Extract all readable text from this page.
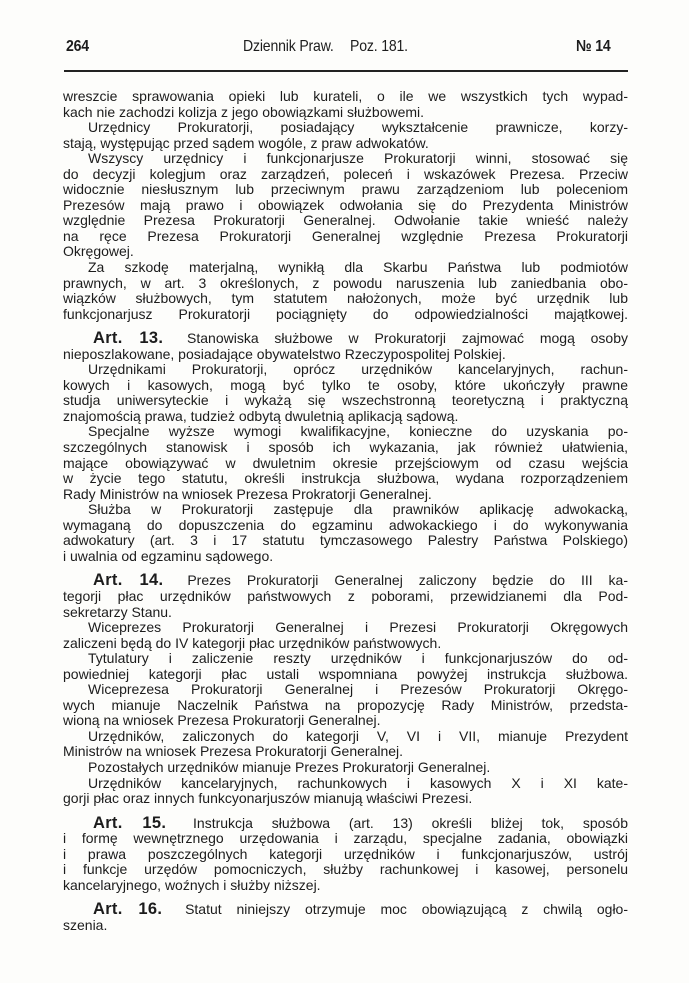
264	Dziennik Praw. Poz. 181.	№ 14
wreszcie sprawowania opieki lub kurateli, o ile we wszystkich tych wypad-
kach nie zachodzi kolizja z jego obowiązkami służbowemi.
Urzędnicy Prokuratorji, posiadający wykształcenie prawnicze, korzy-
stają, występując przed sądem wogóle, z praw adwokatów.
Wszyscy urzędnicy i funkcjonarjusze Prokuratorji winni, stosować się
do decyzji kolegjum oraz zarządzeń, poleceń i wskazówek Prezesa. Przeciw
widocznie niesłusznym lub przeciwnym prawu zarządzeniom lub poleceniom
Prezesów mają prawo i obowiązek odwołania się do Prezydenta Ministrów
względnie Prezesa Prokuratorji Generalnej. Odwołanie takie wnieść należy
na ręce Prezesa Prokuratorji Generalnej względnie Prezesa Prokuratorji
Okręgowej.
Za szkodę materjalną, wynikłą dla Skarbu Państwa lub podmiotów
prawnych, w art. 3 określonych, z powodu naruszenia lub zaniedbania obo-
wiązków służbowych, tym statutem nałożonych, może być urzędnik lub
funkcjonarjusz Prokuratorji pociągnięty do odpowiedzialności majątkowej.
Art. 13. Stanowiska służbowe w Prokuratorji zajmować mogą osoby
nieposzlakowane, posiadające obywatelstwo Rzeczypospolitej Polskiej.
Urzędnikami Prokuratorji, oprócz urzędników kancelaryjnych, rachun-
kowych i kasowych, mogą być tylko te osoby, które ukończyły prawne
studja uniwersyteckie i wykażą się wszechstronną teoretyczną i praktyczną
znajomością prawa, tudzież odbytą dwuletnią aplikacją sądową.
Specjalne wyższe wymogi kwalifikacyjne, konieczne do uzyskania po-
szczególnych stanowisk i sposób ich wykazania, jak również ułatwienia,
mające obowiązywać w dwuletnim okresie przejściowym od czasu wejścia
w życie tego statutu, określi instrukcja służbowa, wydana rozporządzeniem
Rady Ministrów na wniosek Prezesa Prokratorji Generalnej.
Służba w Prokuratorji zastępuje dla prawników aplikację adwokacką,
wymaganą do dopuszczenia do egzaminu adwokackiego i do wykonywania
adwokatury (art. 3 i 17 statutu tymczasowego Palestry Państwa Polskiego)
i uwalnia od egzaminu sądowego.
Art. 14. Prezes Prokuratorji Generalnej zaliczony będzie do III ka-
tegorji płac urzędników państwowych z poborami, przewidzianemi dla Pod-
sekretarzy Stanu.
Wiceprezes Prokuratorji Generalnej i Prezesi Prokuratorji Okręgowych
zaliczeni będą do IV kategorji płac urzędników państwowych.
Tytulatury i zaliczenie reszty urzędników i funkcjonarjuszów do od-
powiedniej kategorji płac ustali wspomniana powyżej instrukcja służbowa.
Wiceprezesa Prokuratorji Generalnej i Prezesów Prokuratorji Okręgo-
wych mianuje Naczelnik Państwa na propozycję Rady Ministrów, przedsta-
wioną na wniosek Prezesa Prokuratorji Generalnej.
Urzędników, zaliczonych do kategorji V, VI i VII, mianuje Prezydent
Ministrów na wniosek Prezesa Prokuratorji Generalnej.
Pozostałych urzędników mianuje Prezes Prokuratorji Generalnej.
Urzędników kancelaryjnych, rachunkowych i kasowych X i XI kate-
gorji płac oraz innych funkcyonarjuszów mianują właściwi Prezesi.
Art. 15. Instrukcja służbowa (art. 13) określi bliżej tok, sposób
i formę wewnętrznego urzędowania i zarządu, specjalne zadania, obowiązki
i prawa poszczególnych kategorji urzędników i funkcjonarjuszów, ustrój
i funkcje urzędów pomocniczych, służby rachunkowej i kasowej, personelu
kancelaryjnego, woźnych i służby niższej.
Art. 16. Statut niniejszy otrzymuje moc obowiązującą z chwilą ogło-
szenia.
